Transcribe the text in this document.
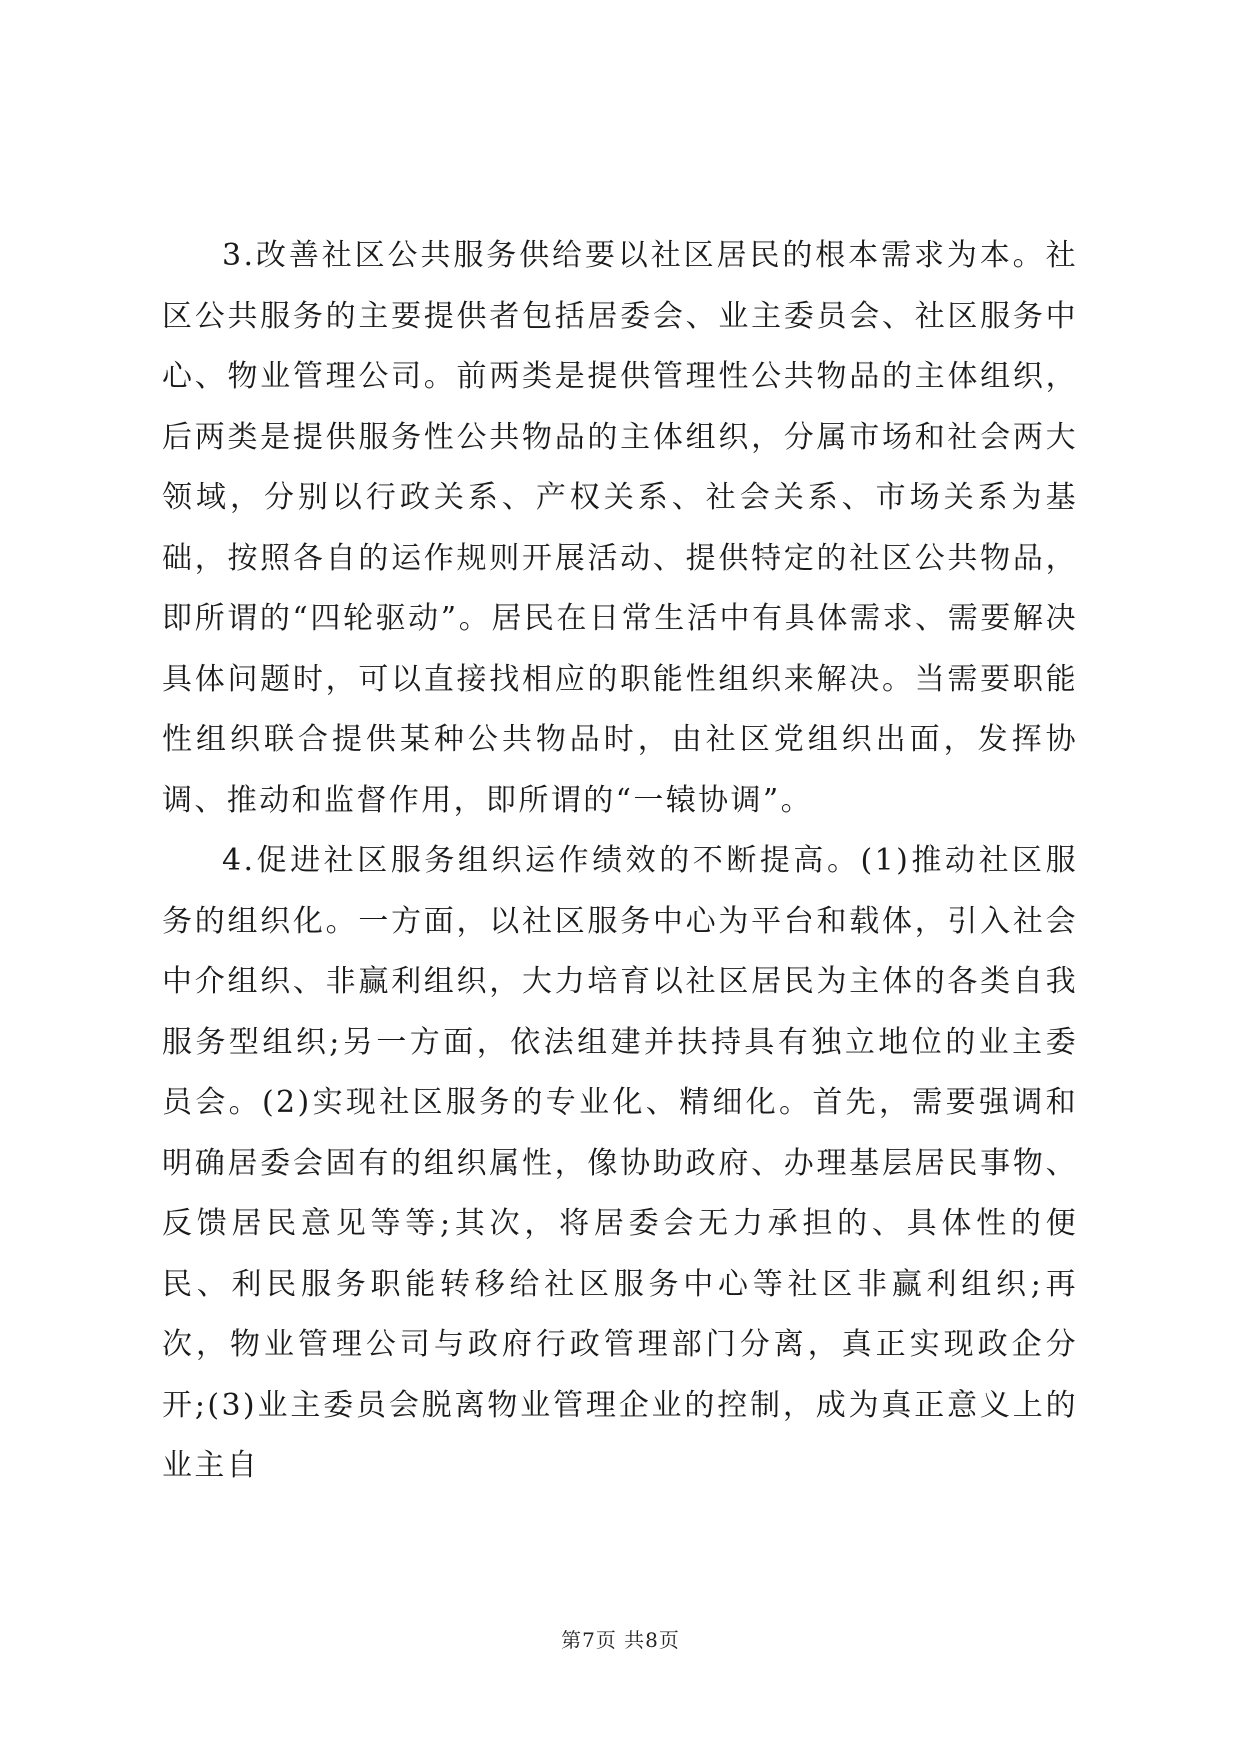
3.改善社区公共服务供给要以社区居民的根本需求为本。社区公共服务的主要提供者包括居委会、业主委员会、社区服务中心、物业管理公司。前两类是提供管理性公共物品的主体组织，后两类是提供服务性公共物品的主体组织，分属市场和社会两大领域，分别以行政关系、产权关系、社会关系、市场关系为基础，按照各自的运作规则开展活动、提供特定的社区公共物品，即所谓的“四轮驱动”。居民在日常生活中有具体需求、需要解决具体问题时，可以直接找相应的职能性组织来解决。当需要职能性组织联合提供某种公共物品时，由社区党组织出面，发挥协调、推动和监督作用，即所谓的“一辕协调”。

4.促进社区服务组织运作绩效的不断提高。(1)推动社区服务的组织化。一方面，以社区服务中心为平台和载体，引入社会中介组织、非赢利组织，大力培育以社区居民为主体的各类自我服务型组织;另一方面，依法组建并扶持具有独立地位的业主委员会。(2)实现社区服务的专业化、精细化。首先，需要强调和明确居委会固有的组织属性，像协助政府、办理基层居民事物、反馈居民意见等等;其次，将居委会无力承担的、具体性的便民、利民服务职能转移给社区服务中心等社区非赢利组织;再次，物业管理公司与政府行政管理部门分离，真正实现政企分开;(3)业主委员会脱离物业管理企业的控制，成为真正意义上的业主自

第7页 共8页
